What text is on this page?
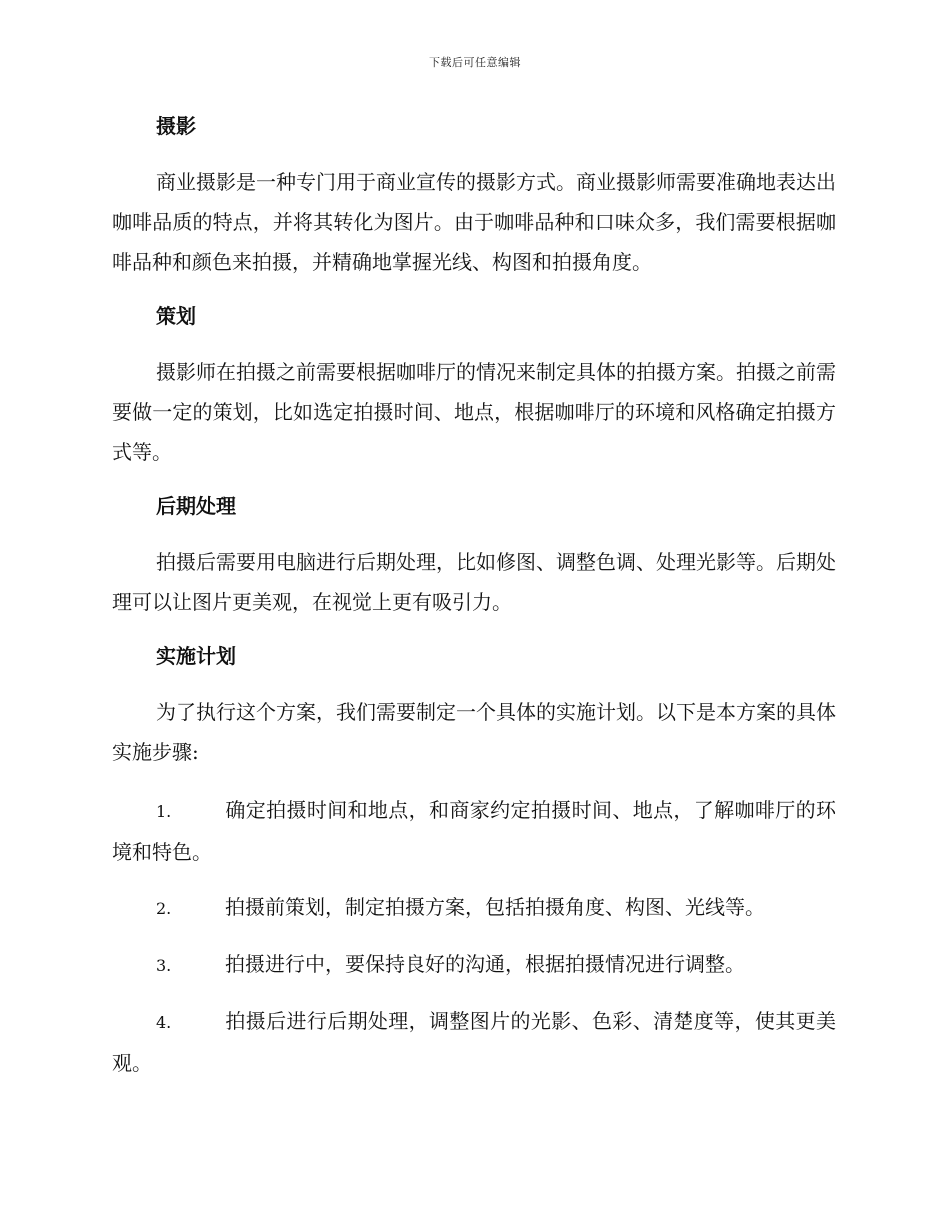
下载后可任意编辑
摄影

商业摄影是一种专门用于商业宣传的摄影方式。商业摄影师需要准确地表达出咖啡品质的特点，并将其转化为图片。由于咖啡品种和口味众多，我们需要根据咖啡品种和颜色来拍摄，并精确地掌握光线、构图和拍摄角度。

策划

摄影师在拍摄之前需要根据咖啡厅的情况来制定具体的拍摄方案。拍摄之前需要做一定的策划，比如选定拍摄时间、地点，根据咖啡厅的环境和风格确定拍摄方式等。

后期处理

拍摄后需要用电脑进行后期处理，比如修图、调整色调、处理光影等。后期处理可以让图片更美观，在视觉上更有吸引力。

实施计划

为了执行这个方案，我们需要制定一个具体的实施计划。以下是本方案的具体实施步骤:

1.	确定拍摄时间和地点，和商家约定拍摄时间、地点，了解咖啡厅的环境和特色。

2.	拍摄前策划，制定拍摄方案，包括拍摄角度、构图、光线等。

3.	拍摄进行中，要保持良好的沟通，根据拍摄情况进行调整。

4.	拍摄后进行后期处理，调整图片的光影、色彩、清楚度等，使其更美观。
